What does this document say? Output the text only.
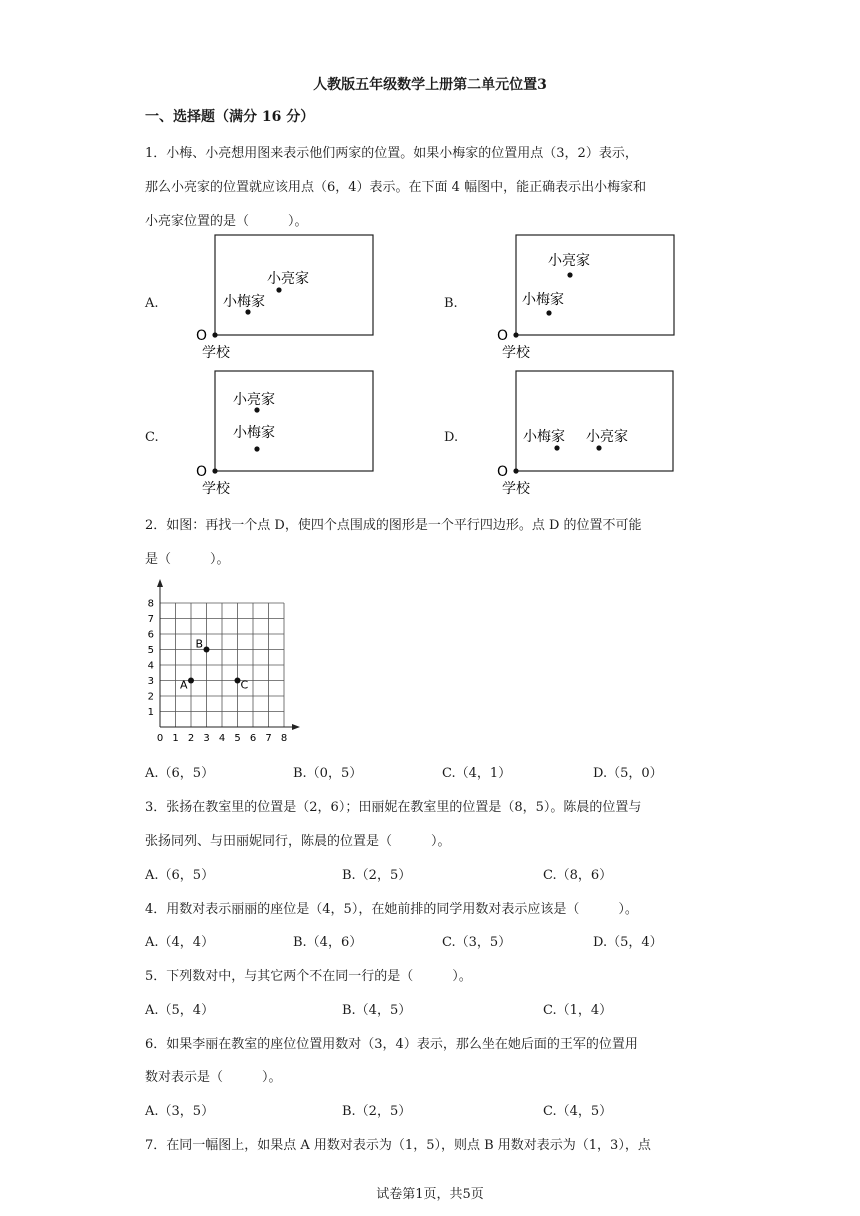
人教版五年级数学上册第二单元位置3
一、选择题（满分 16 分）
1．小梅、小亮想用图来表示他们两家的位置。如果小梅家的位置用点（3，2）表示，
那么小亮家的位置就应该用点（6，4）表示。在下面 4 幅图中，能正确表示出小梅家和
小亮家位置的是（　　　）。
A.	B.
C.	D.
O
学校
小亮家
小梅家
O
学校
小亮家
小梅家
O
学校
小亮家
小梅家
O
学校
小梅家 小亮家
2．如图：再找一个点 D，使四个点围成的图形是一个平行四边形。点 D 的位置不可能
是（　　　）。
0 1 2 3 4 5 6 7 8
1
2
3
4
5
6
7
8
A
B
C
A.（6，5）	B.（0，5）	C.（4，1）	D.（5，0）
3．张扬在教室里的位置是（2，6）；田丽妮在教室里的位置是（8，5）。陈晨的位置与
张扬同列、与田丽妮同行，陈晨的位置是（　　　）。
A.（6，5）	B.（2，5）	C.（8，6）
4．用数对表示丽丽的座位是（4，5），在她前排的同学用数对表示应该是（　　　）。
A.（4，4）	B.（4，6）	C.（3，5）	D.（5，4）
5．下列数对中，与其它两个不在同一行的是（　　　）。
A.（5，4）	B.（4，5）	C.（1，4）
6．如果李丽在教室的座位位置用数对（3，4）表示，那么坐在她后面的王军的位置用
数对表示是（　　　）。
A.（3，5）	B.（2，5）	C.（4，5）
7．在同一幅图上，如果点 A 用数对表示为（1，5），则点 B 用数对表示为（1，3），点
试卷第1页，共5页
